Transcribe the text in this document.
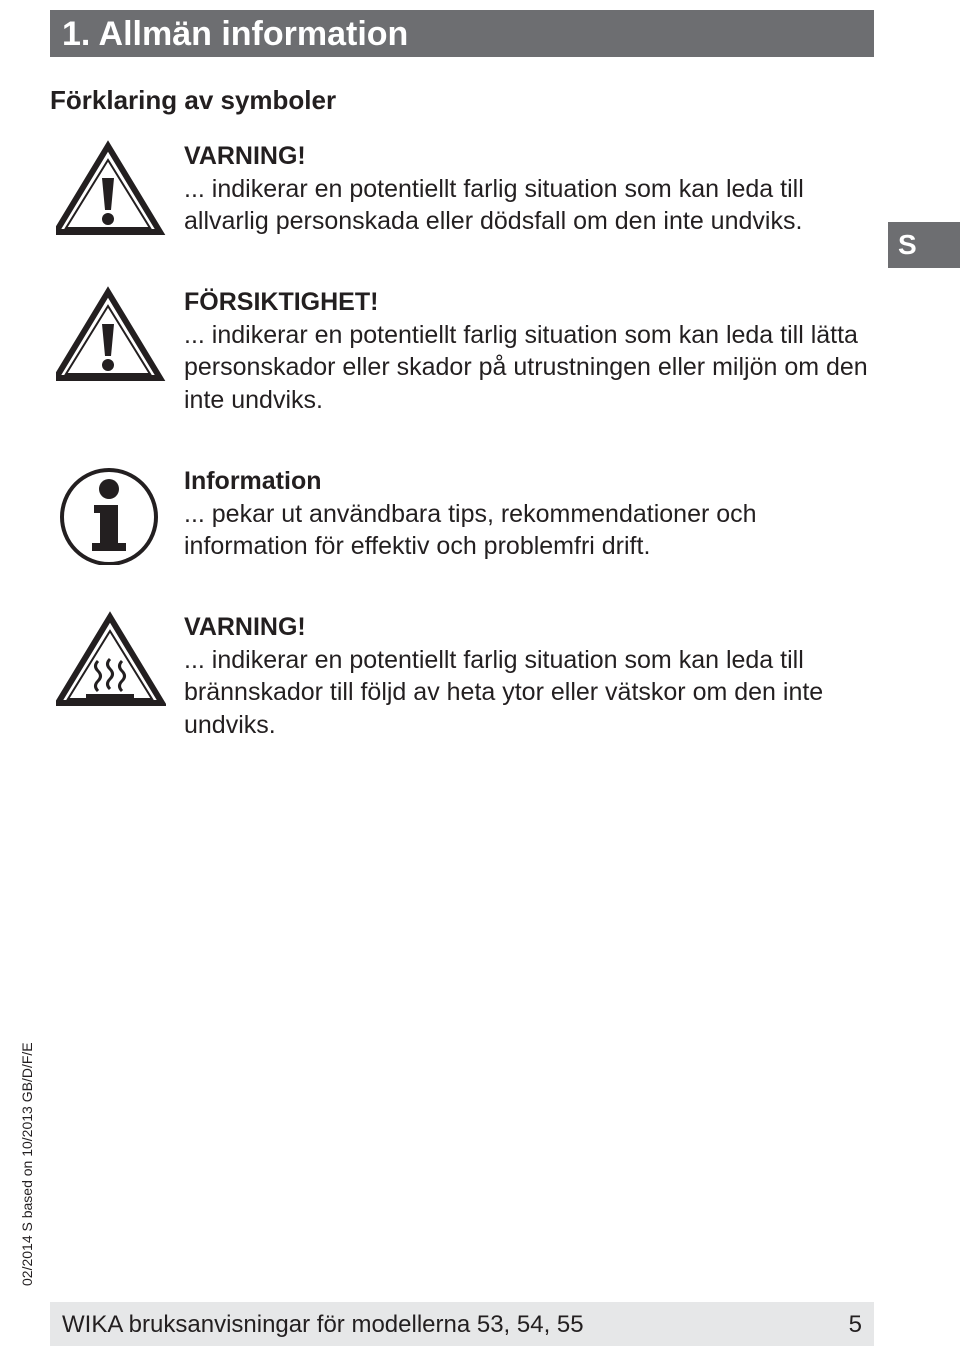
1. Allmän information
Förklaring av symboler
S
VARNING!
... indikerar en potentiellt farlig situation som kan leda till allvarlig personskada eller dödsfall om den inte undviks.
FÖRSIKTIGHET!
... indikerar en potentiellt farlig situation som kan leda till lätta personskador eller skador på utrustningen eller miljön om den inte undviks.
Information
... pekar ut användbara tips, rekommendationer och information för effektiv och problemfri drift.
VARNING!
... indikerar en potentiellt farlig situation som kan leda till brännskador till följd av heta ytor eller vätskor om den inte undviks.
02/2014 S based on 10/2013 GB/D/F/E
WIKA bruksanvisningar för modellerna 53, 54, 55	5
